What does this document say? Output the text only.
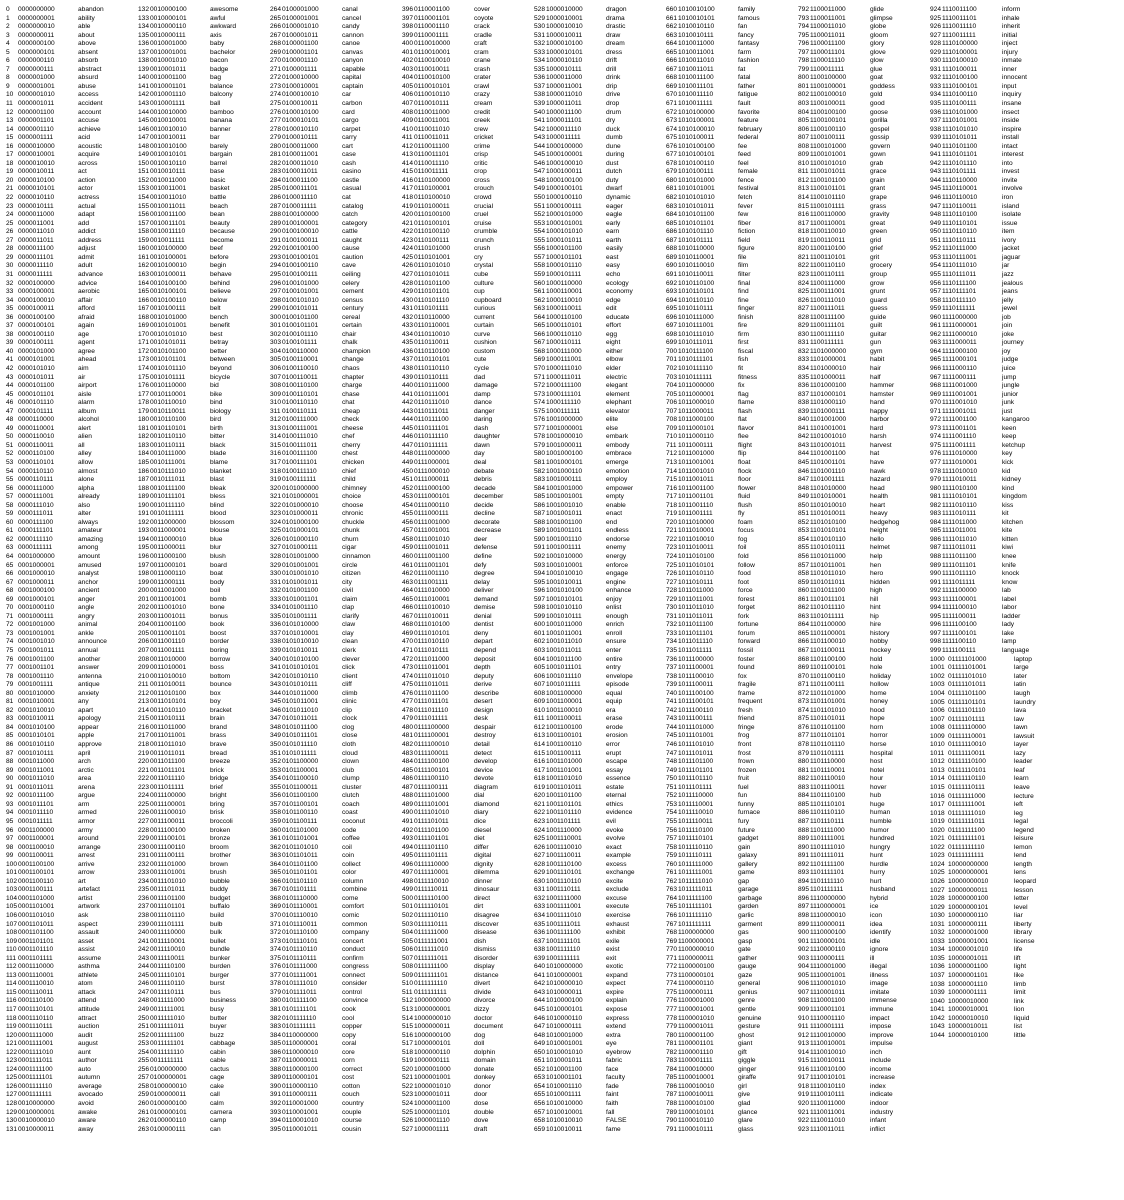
0 0000000000	abandon
1 0000000001	ability
2 0000000010	able
3 0000000011	about
4 0000000100	above
5 0000000101	absent
6 0000000110	absorb
7 0000000111	abstract
8 0000001000	absurd
9 0000001001	abuse
10 0000001010	access
11 0000001011	accident
12 0000001100	account
13 0000001101	accuse
14 0000001110	achieve
15 0000001111	acid
16 0000010000	acoustic
17 0000010001	acquire
18 0000010010	across
19 0000010011	act
20 0000010100	action
21 0000010101	actor
22 0000010110	actress
23 0000010111	actual
24 0000011000	adapt
25 0000011001	add
26 0000011010	addict
27 0000011011	address
28 0000011100	adjust
29 0000011101	admit
30 0000011110	adult
31 0000011111	advance
32 0000100000	advice
33 0000100001	aerobic
34 0000100010	affair
35 0000100011	afford
36 0000100100	afraid
37 0000100101	again
38 0000100110	age
39 0000100111	agent
40 0000101000	agree
41 0000101001	ahead
42 0000101010	aim
43 0000101011	air
44 0000101100	airport
45 0000101101	aisle
46 0000101110	alarm
47 0000101111	album
48 0000110000	alcohol
49 0000110001	alert
50 0000110010	alien
51 0000110011	all
52 0000110100	alley
53 0000110101	allow
54 0000110110	almost
55 0000110111	alone
56 0000111000	alpha
57 0000111001	already
58 0000111010	also
59 0000111011	alter
60 0000111100	always
61 0000111101	amateur
62 0000111110	amazing
63 0000111111	among
64 0001000000	amount
65 0001000001	amused
66 0001000010	analyst
67 0001000011	anchor
68 0001000100	ancient
69 0001000101	anger
70 0001000110	angle
71 0001000111	angry
72 0001001000	animal
73 0001001001	ankle
74 0001001010	announce
75 0001001011	annual
76 0001001100	another
77 0001001101	answer
78 0001001110	antenna
79 0001001111	antique
80 0001010000	anxiety
81 0001010001	any
82 0001010010	apart
83 0001010011	apology
84 0001010100	appear
85 0001010101	apple
86 0001010110	approve
87 0001010111	april
88 0001011000	arch
89 0001011001	arctic
90 0001011010	area
91 0001011011	arena
92 0001011100	argue
93 0001011101	arm
94 0001011110	armed
95 0001011111	armor
96 0001100000	army
97 0001100001	around
98 0001100010	arrange
99 0001100011	arrest
1000001100100	arrive
1010001100101	arrow
1020001100110	art
1030001100111	artefact
1040001101000	artist
1050001101001	artwork
1060001101010	ask
1070001101011	aspect
1080001101100	assault
1090001101101	asset
1100001101110	assist
111 0001101111	assume
1120001110000	asthma
1130001110001	athlete
1140001110010	atom
1150001110011	attack
1160001110100	attend
1170001110101	attitude
1180001110110	attract
1190001110111	auction
1200001111000	audit
1210001111001	august
1220001111010	aunt
1230001111011	author
1240001111100	auto
1250001111101	autumn
1260001111110	average
1270001111111	avocado
1280010000000	avoid
1290010000001	awake
1300010000010	aware
1310010000011	away
1320010000100	awesome
1330010000101	awful
1340010000110	awkward
1350010000111	axis
1360010001000	baby
1370010001001	bachelor
1380010001010	bacon
1390010001011	badge
1400010001100	bag
1410010001101	balance
1420010001110	balcony
1430010001111	ball
1440010010000	bamboo
1450010010001	banana
1460010010010	banner
1470010010011	bar
1480010010100	barely
1490010010101	bargain
1500010010110	barrel
1510010010111	base
1520010011000	basic
1530010011001	basket
1540010011010	battle
1550010011011	beach
1560010011100	bean
1570010011101	beauty
1580010011110	because
1590010011111	become
1600010100000	beef
1610010100001	before
1620010100010	begin
1630010100011	behave
1640010100100	behind
1650010100101	believe
1660010100110	below
1670010100111	belt
1680010101000	bench
1690010101001	benefit
1700010101010	best
1710010101011	betray
1720010101100	better
1730010101101	between
1740010101110	beyond
1750010101111	bicycle
1760010110000	bid
1770010110001	bike
1780010110010	bind
1790010110011	biology
1800010110100	bird
1810010110101	birth
1820010110110	bitter
1830010110111	black
1840010111000	blade
1850010111001	blame
1860010111010	blanket
1870010111011	blast
1880010111100	bleak
1890010111101	bless
1900010111110	blind
1910010111111	blood
1920011000000	blossom
1930011000001	blouse
1940011000010	blue
1950011000011	blur
1960011000100	blush
1970011000101	board
1980011000110	boat
1990011000111	body
2000011001000	boil
2010011001001	bomb
2020011001010	bone
2030011001011	bonus
2040011001100	book
2050011001101	boost
2060011001110	border
2070011001111	boring
2080011010000	borrow
2090011010001	boss
2100011010010	bottom
2110011010011	bounce
2120011010100	box
2130011010101	boy
2140011010110	bracket
2150011010111	brain
2160011011000	brand
2170011011001	brass
2180011011010	brave
2190011011011	bread
2200011011100	breeze
2210011011101	brick
2220011011110	bridge
2230011011111	brief
2240011100000	bright
2250011100001	bring
2260011100010	brisk
2270011100011	broccoli
2280011100100	broken
2290011100101	bronze
2300011100110	broom
2310011100111	brother
2320011101000	brown
2330011101001	brush
2340011101010	bubble
2350011101011	buddy
2360011101100	budget
2370011101101	buffalo
2380011101110	build
2390011101111	bulb
2400011110000	bulk
2410011110001	bullet
2420011110010	bundle
2430011110011	bunker
2440011110100	burden
2450011110101	burger
2460011110110	burst
2470011110111	bus
2480011111000	business
2490011111001	busy
2500011111010	butter
2510011111011	buyer
2520011111100	buzz
2530011111101	cabbage
2540011111110	cabin
2550011111111	cable
2560100000000	cactus
2570100000001	cage
2580100000010	cake
2590100000011	call
2600100000100	calm
2610100000101	camera
2620100000110	camp
2630100000111	can
2640100001000	canal
2650100001001	cancel
2660100001010	candy
2670100001011	cannon
2680100001100	canoe
2690100001101	canvas
2700100001110	canyon
2710100001111	capable
2720100010000	capital
2730100010001	captain
2740100010010	car
2750100010011	carbon
2760100010100	card
2770100010101	cargo
2780100010110	carpet
2790100010111	carry
2800100011000	cart
2810100011001	case
2820100011010	cash
2830100011011	casino
2840100011100	castle
2850100011101	casual
2860100011110	cat
2870100011111	catalog
2880100100000	catch
2890100100001	category
2900100100010	cattle
2910100100011	caught
2920100100100	cause
2930100100101	caution
2940100100110	cave
2950100100111	ceiling
2960100101000	celery
2970100101001	cement
2980100101010	census
2990100101011	century
3000100101100	cereal
3010100101101	certain
3020100101110	chair
3030100101111	chalk
3040100110000	champion
3050100110001	change
3060100110010	chaos
3070100110011	chapter
3080100110100	charge
3090100110101	chase
3100100110110	chat
3110100110111	cheap
3120100111000	check
3130100111001	cheese
3140100111010	chef
3150100111011	cherry
3160100111100	chest
3170100111101	chicken
3180100111110	chief
3190100111111	child
3200101000000	chimney
3210101000001	choice
3220101000010	choose
3230101000011	chronic
3240101000100	chuckle
3250101000101	chunk
3260101000110	churn
3270101000111	cigar
3280101001000	cinnamon
3290101001001	circle
3300101001010	citizen
3310101001011	city
3320101001100	civil
3330101001101	claim
3340101001110	clap
3350101001111	clarify
3360101010000	claw
3370101010001	clay
3380101010010	clean
3390101010011	clerk
3400101010100	clever
3410101010101	click
3420101010110	client
3430101010111	cliff
3440101011000	climb
3450101011001	clinic
3460101011010	clip
3470101011011	clock
3480101011100	clog
3490101011101	close
3500101011110	cloth
3510101011111	cloud
3520101100000	clown
3530101100001	club
3540101100010	clump
3550101100011	cluster
3560101100100	clutch
3570101100101	coach
3580101100110	coast
3590101100111	coconut
3600101101000	code
3610101101001	coffee
3620101101010	coil
3630101101011	coin
3640101101100	collect
3650101101101	color
3660101101110	column
3670101101111	combine
3680101110000	come
3690101110001	comfort
3700101110010	comic
3710101110011	common
3720101110100	company
3730101110101	concert
3740101110110	conduct
3750101110111	confirm
3760101111000	congress
3770101111001	connect
3780101111010	consider
3790101111011	control
3800101111100	convince
3810101111101	cook
3820101111110	cool
3830101111111	copper
3840110000000	copy
3850110000001	coral
3860110000010	core
3870110000011	corn
3880110000100	correct
3890110000101	cost
3900110000110	cotton
3910110000111	couch
3920110001000	country
3930110001001	couple
3940110001010	course
3950110001011	cousin
3960110001100	cover
3970110001101	coyote
3980110001110	crack
3990110001111	cradle
4000110010000	craft
4010110010001	cram
4020110010010	crane
4030110010011	crash
4040110010100	crater
4050110010101	crawl
4060110010110	crazy
4070110010111	cream
4080110011000	credit
4090110011001	creek
4100110011010	crew
4110110011011	cricket
4120110011100	crime
4130110011101	crisp
4140110011110	critic
4150110011111	crop
4160110100000	cross
4170110100001	crouch
4180110100010	crowd
4190110100011	crucial
4200110100100	cruel
4210110100101	cruise
4220110100110	crumble
4230110100111	crunch
4240110101000	crush
4250110101001	cry
4260110101010	crystal
4270110101011	cube
4280110101100	culture
4290110101101	cup
4300110101110	cupboard
4310110101111	curious
4320110110000	current
4330110110001	curtain
4340110110010	curve
4350110110011	cushion
4360110110100	custom
4370110110101	cute
4380110110110	cycle
4390110110111	dad
4400110111000	damage
4410110111001	damp
4420110111010	dance
4430110111011	danger
4440110111100	daring
4450110111101	dash
4460110111110	daughter
4470110111111	dawn
4480111000000	day
4490111000001	deal
4500111000010	debate
4510111000011	debris
4520111000100	decade
4530111000101	december
4540111000110	decide
4550111000111	decline
4560111001000	decorate
4570111001001	decrease
4580111001010	deer
4590111001011	defense
4600111001100	define
4610111001101	defy
4620111001110	degree
4630111001111	delay
4640111010000	deliver
4650111010001	demand
4660111010010	demise
4670111010011	denial
4680111010100	dentist
4690111010101	deny
4700111010110	depart
4710111010111	depend
4720111011000	deposit
4730111011001	depth
4740111011010	deputy
4750111011011	derive
4760111011100	describe
4770111011101	desert
4780111011110	design
4790111011111	desk
4800111100000	despair
4810111100001	destroy
4820111100010	detail
4830111100011	detect
4840111100100	develop
4850111100101	device
4860111100110	devote
4870111100111	diagram
4880111101000	dial
4890111101001	diamond
4900111101010	diary
4910111101011	dice
4920111101100	diesel
4930111101101	diet
4940111101110	differ
4950111101111	digital
4960111110000	dignity
4970111110001	dilemma
4980111110010	dinner
4990111110011	dinosaur
5000111110100	direct
5010111110101	dirt
5020111110110	disagree
5030111110111	discover
5040111111000	disease
5050111111001	dish
5060111111010	dismiss
5070111111011	disorder
5080111111100	display
5090111111101	distance
5100111111110	divert
5110111111111	divide
5121000000000	divorce
5131000000001	dizzy
5141000000010	doctor
5151000000011	document
5161000000100	dog
5171000000101	doll
5181000000110	dolphin
5191000000111	domain
5201000001000	donate
5211000001001	donkey
5221000001010	donor
5231000001011	door
5241000001100	dose
5251000001101	double
5261000001110	dove
5271000001111	draft
5281000010000	dragon
5291000010001	drama
5301000010010	drastic
5311000010011	draw
5321000010100	dream
5331000010101	dress
5341000010110	drift
5351000010111	drill
5361000011000	drink
5371000011001	drip
5381000011010	drive
5391000011011	drop
5401000011100	drum
5411000011101	dry
5421000011110	duck
5431000011111	dumb
5441000100000	dune
5451000100001	during
5461000100010	dust
5471000100011	dutch
5481000100100	duty
5491000100101	dwarf
5501000100110	dynamic
5511000100111	eager
5521000101000	eagle
5531000101001	early
5541000101010	earn
5551000101011	earth
5561000101100	easily
5571000101101	east
5581000101110	easy
5591000101111	echo
5601000110000	ecology
5611000110001	economy
5621000110010	edge
5631000110011	edit
5641000110100	educate
5651000110101	effort
5661000110110	egg
5671000110111	eight
5681000111000	either
5691000111001	elbow
5701000111010	elder
5711000111011	electric
5721000111100	elegant
5731000111101	element
5741000111110	elephant
5751000111111	elevator
5761001000000	elite
5771001000001	else
5781001000010	embark
5791001000011	embody
5801001000100	embrace
5811001000101	emerge
5821001000110	emotion
5831001000111	employ
5841001001000	empower
5851001001001	empty
5861001001010	enable
5871001001011	enact
5881001001100	end
5891001001101	endless
5901001001110	endorse
5911001001111	enemy
5921001010000	energy
5931001010001	enforce
5941001010010	engage
5951001010011	engine
5961001010100	enhance
5971001010101	enjoy
5981001010110	enlist
5991001010111	enough
6001001011000	enrich
6011001011001	enroll
6021001011010	ensure
6031001011011	enter
6041001011100	entire
6051001011101	entry
6061001011110	envelope
6071001011111	episode
6081001100000	equal
6091001100001	equip
6101001100010	era
6111001100011	erase
6121001100100	erode
6131001100101	erosion
6141001100110	error
6151001100111	erupt
6161001101000	escape
6171001101001	essay
6181001101010	essence
6191001101011	estate
6201001101100	eternal
6211001101101	ethics
6221001101110	evidence
6231001101111	evil
6241001110000	evoke
6251001110001	evolve
6261001110010	exact
6271001110011	example
6281001110100	excess
6291001110101	exchange
6301001110110	excite
6311001110111	exclude
6321001111000	excuse
6331001111001	execute
6341001111010	exercise
6351001111011	exhaust
6361001111100	exhibit
6371001111101	exile
6381001111110	exist
6391001111111	exit
6401010000000	exotic
6411010000001	expand
6421010000010	expect
6431010000011	expire
6441010000100	explain
6451010000101	expose
6461010000110	express
6471010000111	extend
6481010001000	extra
6491010001001	eye
6501010001010	eyebrow
6511010001011	fabric
6521010001100	face
6531010001101	faculty
6541010001110	fade
6551010001111	faint
6561010010000	faith
6571010010001	fall
6581010010010	FALSE
6591010010011	fame
6601010010100	family
6611010010101	famous
6621010010110	fan
6631010010111	fancy
6641010011000	fantasy
6651010011001	farm
6661010011010	fashion
6671010011011	fat
6681010011100	fatal
6691010011101	father
6701010011110	fatigue
6711010011111	fault
6721010100000	favorite
6731010100001	feature
6741010100010	february
6751010100011	federal
6761010100100	fee
6771010100101	feed
6781010100110	feel
6791010100111	female
6801010101000	fence
6811010101001	festival
6821010101010	fetch
6831010101011	fever
6841010101100	few
6851010101101	fiber
6861010101110	fiction
6871010101111	field
6881010110000	figure
6891010110001	file
6901010110010	film
6911010110011	filter
6921010110100	final
6931010110101	find
6941010110110	fine
6951010110111	finger
6961010111000	finish
6971010111001	fire
6981010111010	firm
6991010111011	first
7001010111100	fiscal
7011010111101	fish
7021010111110	fit
7031010111111	fitness
7041011000000	fix
7051011000001	flag
7061011000010	flame
7071011000011	flash
7081011000100	flat
7091011000101	flavor
7101011000110	flee
7111011000111	flight
7121011001000	flip
7131011001001	float
7141011001010	flock
7151011001011	floor
7161011001100	flower
7171011001101	fluid
7181011001110	flush
7191011001111	fly
7201011010000	foam
7211011010001	focus
7221011010010	fog
7231011010011	foil
7241011010100	fold
7251011010101	follow
7261011010110	food
7271011010111	foot
7281011011000	force
7291011011001	forest
7301011011010	forget
7311011011011	fork
7321011011100	fortune
7331011011101	forum
7341011011110	forward
7351011011111	fossil
7361011100000	foster
7371011100001	found
7381011100010	fox
7391011100011	fragile
7401011100100	frame
7411011100101	frequent
7421011100110	fresh
7431011100111	friend
7441011101000	fringe
7451011101001	frog
7461011101010	front
7471011101011	frost
7481011101100	frown
7491011101101	frozen
7501011101110	fruit
7511011101111	fuel
7521011110000	fun
7531011110001	funny
7541011110010	furnace
7551011110011	fury
7561011110100	future
7571011110101	gadget
7581011110110	gain
7591011110111	galaxy
7601011111000	gallery
7611011111001	game
7621011111010	gap
7631011111011	garage
7641011111100	garbage
7651011111101	garden
7661011111110	garlic
7671011111111	garment
7681100000000	gas
7691100000001	gasp
7701100000010	gate
7711100000011	gather
7721100000100	gauge
7731100000101	gaze
7741100000110	general
7751100000111	genius
7761100001000	genre
7771100001001	gentle
7781100001010	genuine
7791100001011	gesture
7801100001100	ghost
7811100001101	giant
7821100001110	gift
7831100001111	giggle
7841100010000	ginger
7851100010001	giraffe
7861100010010	girl
7871100010011	give
7881100010100	glad
7891100010101	glance
7901100010110	glare
7911100010111	glass
7921100011000	glide
7931100011001	glimpse
7941100011010	globe
7951100011011	gloom
7961100011100	glory
7971100011101	glove
7981100011110	glow
7991100011111	glue
8001100100000	goat
8011100100001	goddess
8021100100010	gold
8031100100011	good
8041100100100	goose
8051100100101	gorilla
8061100100110	gospel
8071100100111	gossip
8081100101000	govern
8091100101001	gown
8101100101010	grab
8111100101011	grace
8121100101100	grain
8131100101101	grant
8141100101110	grape
8151100101111	grass
8161100110000	gravity
8171100110001	great
8181100110010	green
8191100110011	grid
8201100110100	grief
8211100110101	grit
8221100110110	grocery
8231100110111	group
8241100111000	grow
8251100111001	grunt
8261100111010	guard
8271100111011	guess
8281100111100	guide
8291100111101	guilt
8301100111110	guitar
8311100111111	gun
8321101000000	gym
8331101000001	habit
8341101000010	hair
8351101000011	half
8361101000100	hammer
8371101000101	hamster
8381101000110	hand
8391101000111	happy
8401101001000	harbor
8411101001001	hard
8421101001010	harsh
8431101001011	harvest
8441101001100	hat
8451101001101	have
8461101001110	hawk
8471101001111	hazard
8481101010000	head
8491101010001	health
8501101010010	heart
8511101010011	heavy
8521101010100	hedgehog
8531101010101	height
8541101010110	hello
8551101010111	helmet
8561101011000	help
8571101011001	hen
8581101011010	hero
8591101011011	hidden
8601101011100	high
8611101011101	hill
8621101011110	hint
8631101011111	hip
8641101100000	hire
8651101100001	history
8661101100010	hobby
8671101100011	hockey
8681101100100	hold
8691101100101	hole
8701101100110	holiday
8711101100111	hollow
8721101101000	home
8731101101001	honey
8741101101010	hood
8751101101011	hope
8761101101100	horn
8771101101101	horror
8781101101110	horse
8791101101111	hospital
8801101110000	host
8811101110001	hotel
8821101110010	hour
8831101110011	hover
8841101110100	hub
8851101110101	huge
8861101110110	human
8871101110111	humble
8881101111000	humor
8891101111001	hundred
8901101111010	hungry
8911101111011	hunt
8921101111100	hurdle
8931101111101	hurry
8941101111110	hurt
8951101111111	husband
8961110000000	hybrid
8971110000001	ice
8981110000010	icon
8991110000011	idea
9001110000100	identify
9011110000101	idle
9021110000110	ignore
9031110000111	ill
9041110001000	illegal
9051110001001	illness
9061110001010	image
9071110001011	imitate
9081110001100	immense
9091110001101	immune
9101110001110	impact
9111110001111	impose
9121110010000	improve
9131110010001	impulse
9141110010010	inch
9151110010011	include
9161110010100	income
9171110010101	increase
9181110010110	index
9191110010111	indicate
9201110011000	indoor
9211110011001	industry
9221110011010	infant
9231110011011	inflict
9241110011100	inform
9251110011101	inhale
9261110011110	inherit
9271110011111	initial
9281110100000	inject
9291110100001	injury
9301110100010	inmate
9311110100011	inner
9321110100100	innocent
9331110100101	input
9341110100110	inquiry
9351110100111	insane
9361110101000	insect
9371110101001	inside
9381110101010	inspire
9391110101011	install
9401110101100	intact
9411110101101	interest
9421110101110	into
9431110101111	invest
9441110110000	invite
9451110110001	involve
9461110110010	iron
9471110110011	island
9481110110100	isolate
9491110110101	issue
9501110110110	item
9511110110111	ivory
9521110111000	jacket
9531110111001	jaguar
9541110111010	jar
9551110111011	jazz
9561110111100	jealous
9571110111101	jeans
9581110111110	jelly
9591110111111	jewel
9601111000000	job
9611111000001	join
9621111000010	joke
9631111000011	journey
9641111000100	joy
9651111000101	judge
9661111000110	juice
9671111000111	jump
9681111001000	jungle
9691111001001	junior
9701111001010	junk
9711111001011	just
9721111001100	kangaroo
9731111001101	keen
9741111001110	keep
9751111001111	ketchup
9761111010000	key
9771111010001	kick
9781111010010	kid
9791111010011	kidney
9801111010100	kind
9811111010101	kingdom
9821111010110	kiss
9831111010111	kit
9841111011000	kitchen
9851111011001	kite
9861111011010	kitten
9871111011011	kiwi
9881111011100	knee
9891111011101	knife
9901111011110	knock
9911111011111	know
9921111100000	lab
9931111100001	label
9941111100010	labor
9951111100011	ladder
9961111100100	lady
9971111100101	lake
9981111100110	lamp
9991111100111	language
1000 01111101000	laptop
1001 01111101001	large
1002 01111101010	later
1003 01111101011	latin
1004 01111101100	laugh
1005 01111101101	laundry
1006 01111101110	lava
1007 01111101111	law
1008 01111110000	lawn
1009 01111110001	lawsuit
1010 01111110010	layer
1011 01111110011	lazy
1012 01111110100	leader
1013 01111110101	leaf
1014 01111110110	learn
1015 01111110111	leave
1016 01111111000	lecture
1017 01111111001	left
1018 01111111010	leg
1019 01111111011	legal
1020 01111111100	legend
1021 01111111101	leisure
1022 01111111110	lemon
1023 01111111111	lend
1024 10000000000	length
1025 10000000001	lens
1026 10000000010	leopard
1027 10000000011	lesson
1028 10000000100	letter
1029 10000000101	level
1030 10000000110	liar
1031 10000000111	liberty
1032 10000001000	library
1033 10000001001	license
1034 10000001010	life
1035 10000001011	lift
1036 10000001100	light
1037 10000001101	like
1038 10000001110	limb
1039 10000001111	limit
1040 10000010000	link
1041 10000010001	lion
1042 10000010010	liquid
1043 10000010011	list
1044 10000010100	little
